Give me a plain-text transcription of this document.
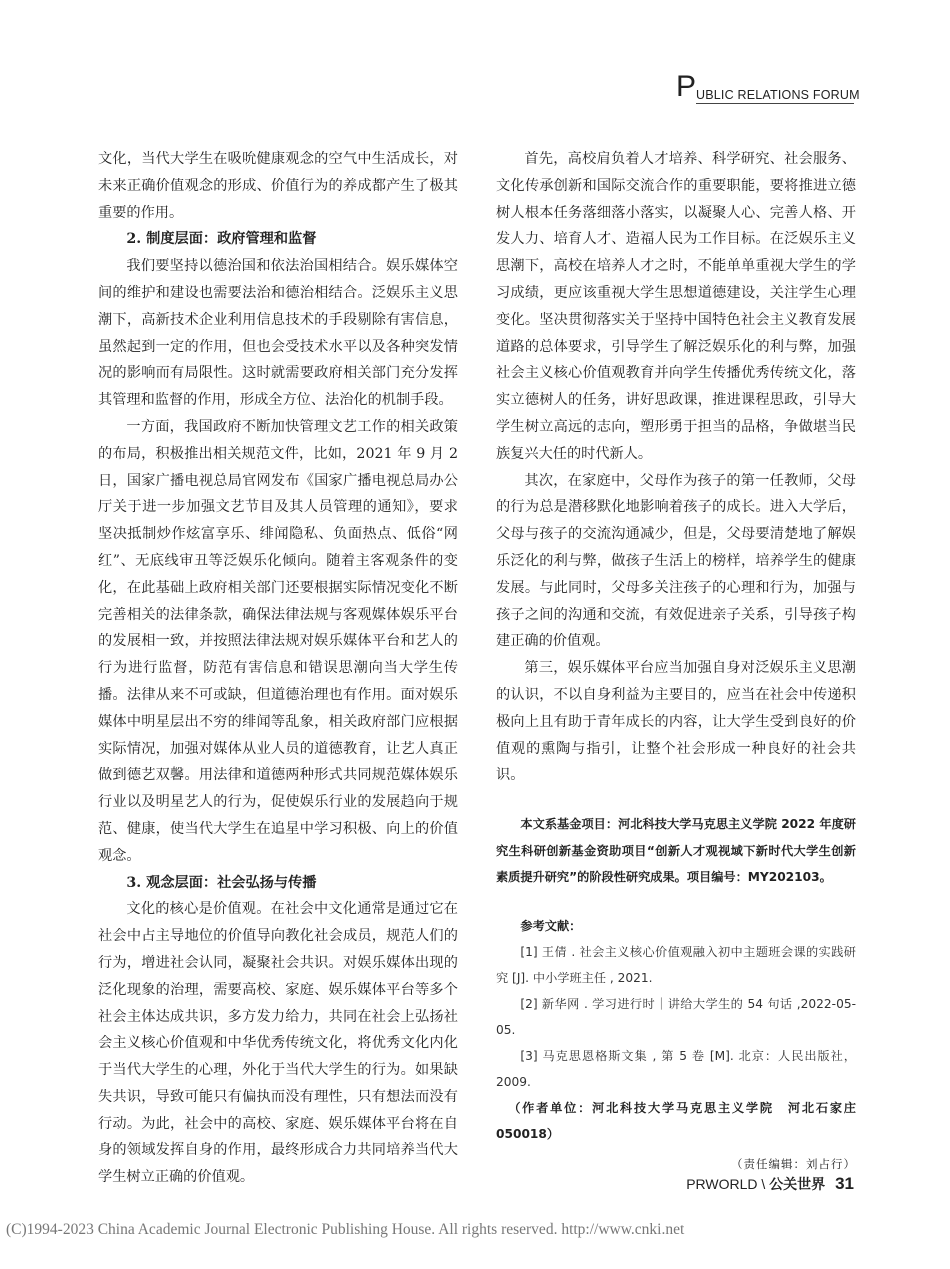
P UBLIC RELATIONS FORUM

文化，当代大学生在吸吮健康观念的空气中生活成长，对未来正确价值观念的形成、价值行为的养成都产生了极其重要的作用。

2. 制度层面：政府管理和监督

我们要坚持以德治国和依法治国相结合。娱乐媒体空间的维护和建设也需要法治和德治相结合。泛娱乐主义思潮下，高新技术企业利用信息技术的手段剔除有害信息，虽然起到一定的作用，但也会受技术水平以及各种突发情况的影响而有局限性。这时就需要政府相关部门充分发挥其管理和监督的作用，形成全方位、法治化的机制手段。

一方面，我国政府不断加快管理文艺工作的相关政策的布局，积极推出相关规范文件，比如，2021 年 9 月 2 日，国家广播电视总局官网发布《国家广播电视总局办公厅关于进一步加强文艺节目及其人员管理的通知》，要求坚决抵制炒作炫富享乐、绯闻隐私、负面热点、低俗“网红”、无底线审丑等泛娱乐化倾向。随着主客观条件的变化，在此基础上政府相关部门还要根据实际情况变化不断完善相关的法律条款，确保法律法规与客观媒体娱乐平台的发展相一致，并按照法律法规对娱乐媒体平台和艺人的行为进行监督，防范有害信息和错误思潮向当大学生传播。法律从来不可或缺，但道德治理也有作用。面对娱乐媒体中明星层出不穷的绯闻等乱象，相关政府部门应根据实际情况，加强对媒体从业人员的道德教育，让艺人真正做到德艺双馨。用法律和道德两种形式共同规范媒体娱乐行业以及明星艺人的行为，促使娱乐行业的发展趋向于规范、健康，使当代大学生在追星中学习积极、向上的价值观念。

3. 观念层面：社会弘扬与传播

文化的核心是价值观。在社会中文化通常是通过它在社会中占主导地位的价值导向教化社会成员，规范人们的行为，增进社会认同，凝聚社会共识。对娱乐媒体出现的泛化现象的治理，需要高校、家庭、娱乐媒体平台等多个社会主体达成共识，多方发力给力，共同在社会上弘扬社会主义核心价值观和中华优秀传统文化，将优秀文化内化于当代大学生的心理，外化于当代大学生的行为。如果缺失共识，导致可能只有偏执而没有理性，只有想法而没有行动。为此，社会中的高校、家庭、娱乐媒体平台将在自身的领域发挥自身的作用，最终形成合力共同培养当代大学生树立正确的价值观。

首先，高校肩负着人才培养、科学研究、社会服务、文化传承创新和国际交流合作的重要职能，要将推进立德树人根本任务落细落小落实，以凝聚人心、完善人格、开发人力、培育人才、造福人民为工作目标。在泛娱乐主义思潮下，高校在培养人才之时，不能单单重视大学生的学习成绩，更应该重视大学生思想道德建设，关注学生心理变化。坚决贯彻落实关于坚持中国特色社会主义教育发展道路的总体要求，引导学生了解泛娱乐化的利与弊，加强社会主义核心价值观教育并向学生传播优秀传统文化，落实立德树人的任务，讲好思政课，推进课程思政，引导大学生树立高远的志向，塑形勇于担当的品格，争做堪当民族复兴大任的时代新人。

其次，在家庭中，父母作为孩子的第一任教师，父母的行为总是潜移默化地影响着孩子的成长。进入大学后，父母与孩子的交流沟通减少，但是，父母要清楚地了解娱乐泛化的利与弊，做孩子生活上的榜样，培养学生的健康发展。与此同时，父母多关注孩子的心理和行为，加强与孩子之间的沟通和交流，有效促进亲子关系，引导孩子构建正确的价值观。

第三，娱乐媒体平台应当加强自身对泛娱乐主义思潮的认识，不以自身利益为主要目的，应当在社会中传递积极向上且有助于青年成长的内容，让大学生受到良好的价值观的熏陶与指引，让整个社会形成一种良好的社会共识。

本文系基金项目：河北科技大学马克思主义学院 2022 年度研究生科研创新基金资助项目“创新人才观视域下新时代大学生创新素质提升研究”的阶段性研究成果。项目编号：MY202103。
参考文献：
[1] 王倩 . 社会主义核心价值观融入初中主题班会课的实践研究 [J]. 中小学班主任 , 2021.
[2] 新华网 . 学习进行时｜讲给大学生的 54 句话 ,2022-05-05.
[3] 马克思恩格斯文集 , 第 5 卷 [M]. 北京：人民出版社，2009.
（作者单位：河北科技大学马克思主义学院　河北石家庄 050018）
（责任编辑：刘占行）
PRWORLD \ 公关世界 31
(C)1994-2023 China Academic Journal Electronic Publishing House. All rights reserved. http://www.cnki.net
